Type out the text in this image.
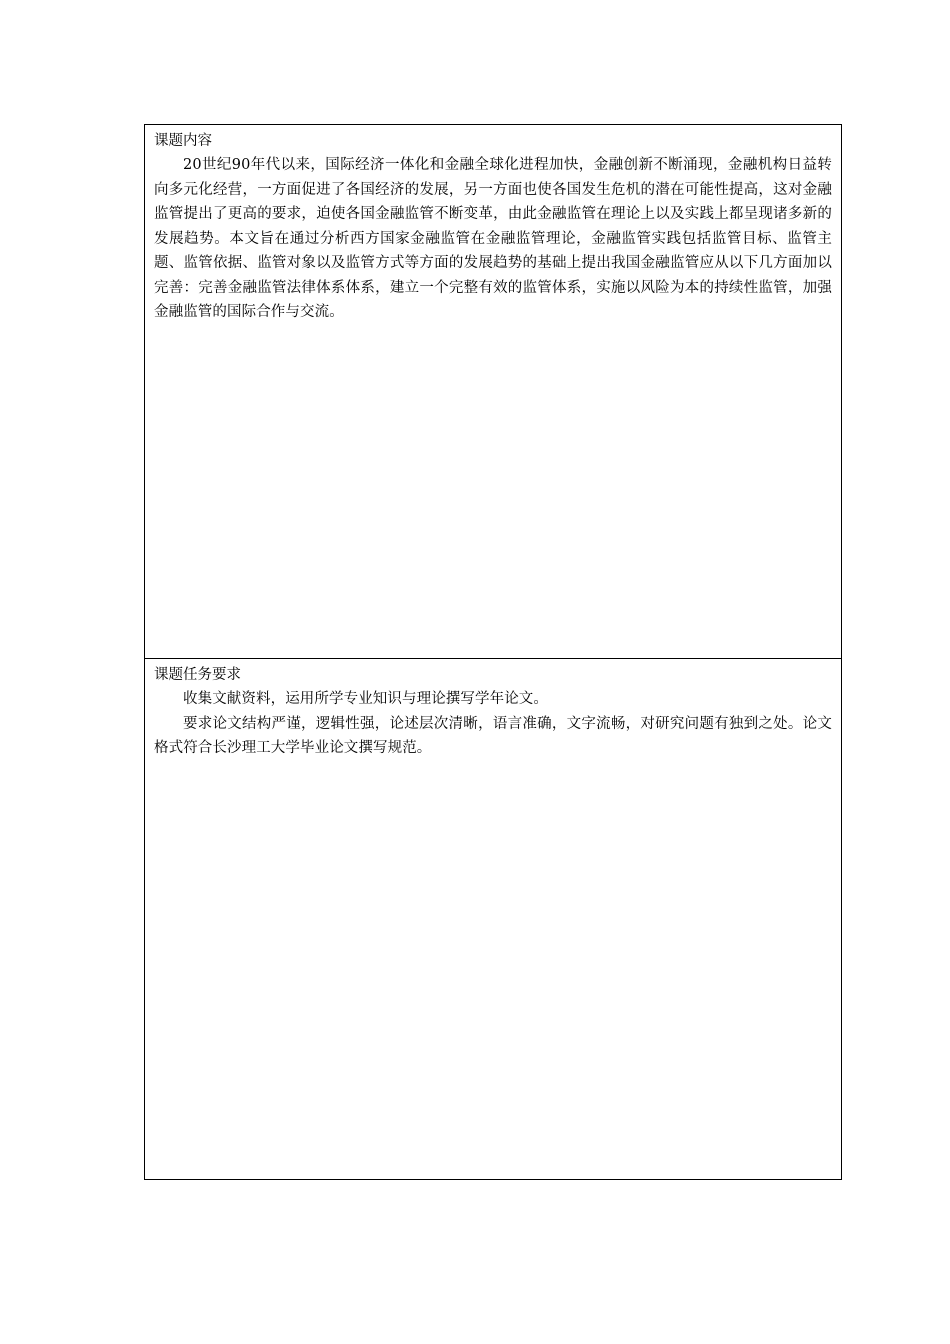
课题内容

20世纪90年代以来，国际经济一体化和金融全球化进程加快，金融创新不断涌现，金融机构日益转向多元化经营，一方面促进了各国经济的发展，另一方面也使各国发生危机的潜在可能性提高，这对金融监管提出了更高的要求，迫使各国金融监管不断变革，由此金融监管在理论上以及实践上都呈现诸多新的发展趋势。本文旨在通过分析西方国家金融监管在金融监管理论，金融监管实践包括监管目标、监管主题、监管依据、监管对象以及监管方式等方面的发展趋势的基础上提出我国金融监管应从以下几方面加以完善：完善金融监管法律体系体系，建立一个完整有效的监管体系，实施以风险为本的持续性监管，加强金融监管的国际合作与交流。

课题任务要求

收集文献资料，运用所学专业知识与理论撰写学年论文。

要求论文结构严谨，逻辑性强，论述层次清晰，语言准确，文字流畅，对研究问题有独到之处。论文格式符合长沙理工大学毕业论文撰写规范。
